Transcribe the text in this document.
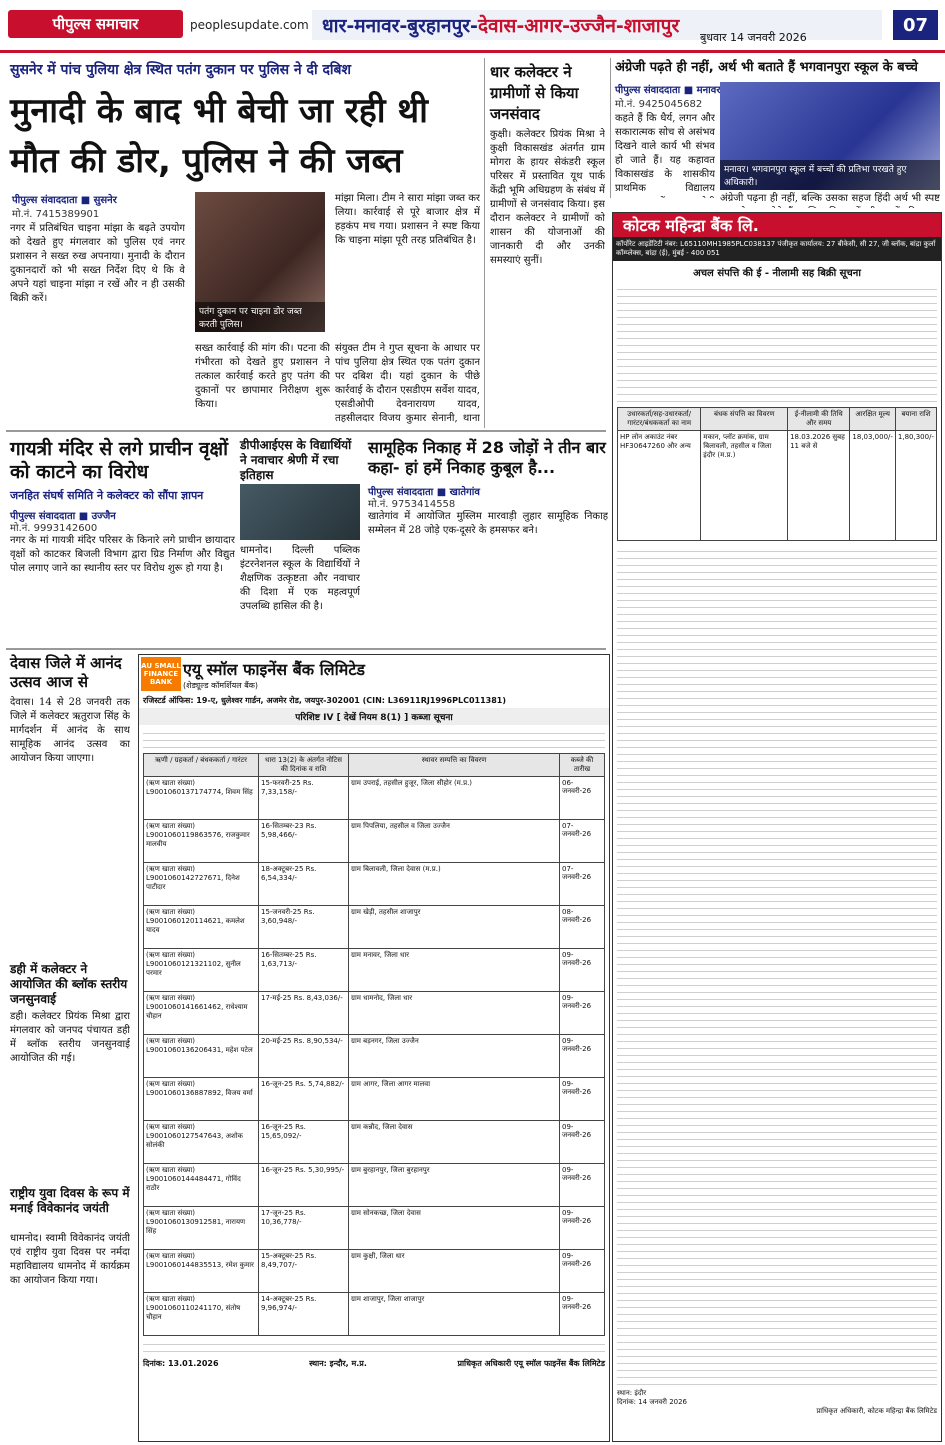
पीपुल्स समाचार	peoplesupdate.com धार-मनावर-बुरहानपुर- देवास-आगर-उज्जैन-शाजापुर
बुधवार 14 जनवरी 2026
07
सुसनेर में पांच पुलिया क्षेत्र स्थित पतंग दुकान पर पुलिस ने दी दबिश
मुनादी के बाद भी बेची जा रही थी
मौत की डोर, पुलिस ने की जब्त
पीपुल्स संवाददाता ■ सुसनेर
मो.नं. 7415389901
नगर में प्रतिबंधित चाइना मांझा के बढ़ते उपयोग को देखते हुए मंगलवार को पुलिस एवं नगर प्रशासन ने सख्त रुख अपनाया। मुनादी के दौरान दुकानदारों को भी सख्त निर्देश दिए थे कि वे अपने यहां चाइना मांझा न रखें और न ही उसकी बिक्री करें।
पतंग दुकान पर चाइना डोर जब्त करती पुलिस।
मांझा मिला। टीम ने सारा मांझा जब्त कर लिया। कार्रवाई से पूरे बाजार क्षेत्र में हड़कंप मच गया। प्रशासन ने स्पष्ट किया कि चाइना मांझा पूरी तरह प्रतिबंधित है।
सख्त कार्रवाई की मांग की। पटना की गंभीरता को देखते हुए प्रशासन ने तत्काल कार्रवाई करते हुए पतंग की दुकानों पर छापामार निरीक्षण शुरू किया।
संयुक्त टीम ने गुप्त सूचना के आधार पर पांच पुलिया क्षेत्र स्थित एक पतंग दुकान पर दबिश दी। यहां दुकान के पीछे
कार्रवाई के दौरान एसडीएम सर्वेश यादव, एसडीओपी देवनारायण यादव, तहसीलदार विजय कुमार सेनानी, थाना
धार कलेक्टर ने ग्रामीणों से किया जनसंवाद
कुक्षी। कलेक्टर प्रियंक मिश्रा ने कुक्षी विकासखंड अंतर्गत ग्राम मोगरा के हायर सेकंडरी स्कूल परिसर में प्रस्तावित यूथ पार्क केंद्री भूमि अधिग्रहण के संबंध में ग्रामीणों से जनसंवाद किया। इस दौरान कलेक्टर ने ग्रामीणों को शासन की योजनाओं की जानकारी दी और उनकी समस्याएं सुनीं।
अंग्रेजी पढ़ते ही नहीं, अर्थ भी बताते हैं भगवानपुरा स्कूल के बच्चे
पीपुल्स संवाददाता ■ मनावर
मो.नं. 9425045682
कहते हैं कि धैर्य, लगन और सकारात्मक सोच से असंभव दिखने वाले कार्य भी संभव हो जाते हैं। यह कहावत विकासखंड के शासकीय प्राथमिक विद्यालय
मनावर। भगवानपुरा स्कूल में बच्चों की प्रतिभा परखते हुए अधिकारी।
अंग्रेजी पढ़ना ही नहीं, बल्कि उसका सहज हिंदी अर्थ भी स्पष्ट
कोटक महिन्द्रा बैंक लि.
कॉर्पोरेट आइडेंटिटी नंबर: L65110MH1985PLC038137 पंजीकृत कार्यालय: 27 बीकेसी, सी 27, जी ब्लॉक, बांद्रा कुर्ला कॉम्प्लेक्स, बांद्रा (ई), मुंबई - 400 051
अचल संपत्ति की ई - नीलामी सह बिक्री सूचना
उधारकर्ता/सह-उधारकर्ता/गारंटर/बंधककर्ता का नाम	बंधक संपत्ति का विवरण	ई-नीलामी की तिथि और समय	आरक्षित मूल्य	बयाना राशि
HP लोन अकाउंट नंबर HF30647260 और अन्य	मकान, प्लॉट क्रमांक, ग्राम बिलावली, तहसील व जिला इंदौर (म.प्र.)	18.03.2026 सुबह 11 बजे से	18,03,000/-	1,80,300/-
स्थान: इंदौर
दिनांक: 14 जनवरी 2026
प्राधिकृत अधिकारी, कोटक महिन्द्रा बैंक लिमिटेड
गायत्री मंदिर से लगे प्राचीन वृक्षों को काटने का विरोध
जनहित संघर्ष समिति ने कलेक्टर को सौंपा ज्ञापन
पीपुल्स संवाददाता ■ उज्जैन
मो.नं. 9993142600
नगर के मां गायत्री मंदिर परिसर के किनारे लगे प्राचीन छायादार वृक्षों को काटकर बिजली विभाग द्वारा ग्रिड निर्माण और विद्युत पोल लगाए जाने का स्थानीय स्तर पर विरोध शुरू हो गया है।
डीपीआईएस के विद्यार्थियों ने नवाचार श्रेणी में रचा इतिहास
धामनोद। दिल्ली पब्लिक इंटरनेशनल स्कूल के विद्यार्थियों ने शैक्षणिक उत्कृष्टता और नवाचार की दिशा में एक महत्वपूर्ण उपलब्धि हासिल की है।
सामूहिक निकाह में 28 जोड़ों ने तीन बार कहा- हां हमें निकाह कुबूल है...
पीपुल्स संवाददाता ■ खातेगांव
मो.नं. 9753414558
खातेगांव में आयोजित मुस्लिम मारवाड़ी लुहार सामूहिक निकाह सम्मेलन में 28 जोड़े एक-दूसरे के हमसफर बने।
देवास जिले में आनंद उत्सव आज से
देवास। 14 से 28 जनवरी तक जिले में कलेक्टर ऋतुराज सिंह के मार्गदर्शन में आनंद के साथ सामूहिक आनंद उत्सव का आयोजन किया जाएगा।
डही में कलेक्टर ने आयोजित की ब्लॉक स्तरीय जनसुनवाई
डही। कलेक्टर प्रियंक मिश्रा द्वारा मंगलवार को जनपद पंचायत डही में ब्लॉक स्तरीय जनसुनवाई आयोजित की गई।
राष्ट्रीय युवा दिवस के रूप में मनाई विवेकानंद जयंती
धामनोद। स्वामी विवेकानंद जयंती एवं राष्ट्रीय युवा दिवस पर नर्मदा महाविद्यालय धामनोद में कार्यक्रम का आयोजन किया गया।
AU SMALL FINANCE BANK
एयू स्मॉल फाइनेंस बैंक लिमिटेड
(शेड्यूल्ड कॉमर्शियल बैंक)
रजिस्टर्ड ऑफिस: 19-ए, धुलेश्वर गार्डन, अजमेर रोड, जयपुर-302001 (CIN: L36911RJ1996PLC011381)
परिशिष्ट IV [ देखें नियम 8(1) ] कब्जा सूचना
ऋणी / ग्रहकर्ता / बंधककर्ता / गारंटर	धारा 13(2) के अंतर्गत नोटिस की दिनांक व राशि	स्थावर सम्पत्ति का विवरण	कब्जे की तारीख
(ऋण खाता संख्या) L9001060137174774, शिवम सिंह	15-फरवरी-25 Rs. 7,33,158/-	ग्राम उपराई, तहसील हुजूर, जिला सीहोर (म.प्र.)	06-जनवरी-26
(ऋण खाता संख्या) L9001060119863576, राजकुमार मालवीय	16-सितम्बर-23 Rs. 5,98,466/-	ग्राम पिपलिया, तहसील व जिला उज्जैन	07-जनवरी-26
(ऋण खाता संख्या) L9001060142727671, दिनेश पाटीदार	18-अक्टूबर-25 Rs. 6,54,334/-	ग्राम बिलावली, जिला देवास (म.प्र.)	07-जनवरी-26
(ऋण खाता संख्या) L9001060120114621, कमलेश यादव	15-जनवरी-25 Rs. 3,60,948/-	ग्राम खेड़ी, तहसील शाजापुर	08-जनवरी-26
(ऋण खाता संख्या) L9001060121321102, सुनील परमार	16-सितम्बर-25 Rs. 1,63,713/-	ग्राम मनावर, जिला धार	09-जनवरी-26
(ऋण खाता संख्या) L9001060141661462, राधेश्याम चौहान	17-मई-25 Rs. 8,43,036/-	ग्राम धामनोद, जिला धार	09-जनवरी-26
(ऋण खाता संख्या) L9001060136206431, महेश पटेल	20-मई-25 Rs. 8,90,534/-	ग्राम बड़नगर, जिला उज्जैन	09-जनवरी-26
(ऋण खाता संख्या) L9001060136887892, विजय वर्मा	16-जून-25 Rs. 5,74,882/-	ग्राम आगर, जिला आगर मालवा	09-जनवरी-26
(ऋण खाता संख्या) L9001060127547643, अशोक सोलंकी	16-जून-25 Rs. 15,65,092/-	ग्राम कन्नौद, जिला देवास	09-जनवरी-26
(ऋण खाता संख्या) L9001060144484471, गोविंद राठौर	16-जून-25 Rs. 5,30,995/-	ग्राम बुरहानपुर, जिला बुरहानपुर	09-जनवरी-26
(ऋण खाता संख्या) L9001060130912581, नारायण सिंह	17-जून-25 Rs. 10,36,778/-	ग्राम सोनकच्छ, जिला देवास	09-जनवरी-26
(ऋण खाता संख्या) L9001060144835513, रमेश कुमार	15-अक्टूबर-25 Rs. 8,49,707/-	ग्राम कुक्षी, जिला धार	09-जनवरी-26
(ऋण खाता संख्या) L9001060110241170, संतोष चौहान	14-अक्टूबर-25 Rs. 9,96,974/-	ग्राम शाजापुर, जिला शाजापुर	09-जनवरी-26
दिनांक: 13.01.2026	स्थान: इन्दौर, म.प्र.	प्राधिकृत अधिकारी एयू स्मॉल फाइनेंस बैंक लिमिटेड
